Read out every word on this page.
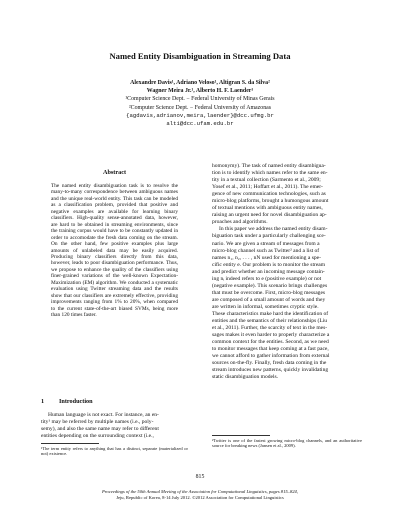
Named Entity Disambiguation in Streaming Data
Alexandre Davis¹, Adriano Veloso¹, Altigran S. da Silva²
Wagner Meira Jr.¹, Alberto H. F. Laender¹
¹Computer Science Dept. − Federal University of Minas Gerais
²Computer Science Dept. − Federal University of Amazonas
{agdavis,adrianov,meira,laender}@dcc.ufmg.br
alti@dcc.ufam.edu.br
Abstract
The named entity disambiguation task is to resolve the many-to-many correspondence between ambiguous names and the unique real-world entity. This task can be modeled as a classification problem, provided that positive and negative examples are available for learning binary classifiers. High-quality sense-annotated data, however, are hard to be obtained in streaming environments, since the training corpus would have to be constantly updated in order to accomodate the fresh data coming on the stream. On the other hand, few positive examples plus large amounts of unlabeled data may be easily acquired. Producing binary classifiers directly from this data, however, leads to poor disambiguation performance. Thus, we propose to enhance the quality of the classifiers using finer-grained variations of the well-known Expectation-Maximization (EM) algorithm. We conducted a systematic evaluation using Twitter streaming data and the results show that our classifiers are extremely effective, providing improvements ranging from 1% to 20%, when compared to the current state-of-the-art biased SVMs, being more than 120 times faster.
1 Introduction
Human language is not exact. For instance, an en-
tity¹ may be referred by multiple names (i.e., poly-
semy), and also the same name may refer to different
entities depending on the surrounding context (i.e.,
¹The term entity refers to anything that has a distinct, separate (materialized or not) existence.
homonymy). The task of named entity disambigua-
tion is to identify which names refer to the same en-
tity in a textual collection (Sarmento et al., 2009;
Yosef et al., 2011; Hoffart et al., 2011). The emer-
gence of new communication technologies, such as
micro-blog platforms, brought a humongous amount
of textual mentions with ambiguous entity names,
raising an urgent need for novel disambiguation ap-
proaches and algorithms.
In this paper we address the named entity disam-
biguation task under a particularly challenging sce-
nario. We are given a stream of messages from a
micro-blog channel such as Twitter² and a list of
names n₁, n₂, . . . , nN used for mentioning a spe-
cific entity e. Our problem is to monitor the stream
and predict whether an incoming message contain-
ing nᵢ indeed refers to e (positive example) or not
(negative example). This scenario brings challenges
that must be overcome. First, micro-blog messages
are composed of a small amount of words and they
are written in informal, sometimes cryptic style.
These characteristics make hard the identification of
entities and the semantics of their relationships (Liu
et al., 2011). Further, the scarcity of text in the mes-
sages makes it even harder to properly characterize a
common context for the entities. Second, as we need
to monitor messages that keep coming at a fast pace,
we cannot afford to gather information from external
sources on-the-fly. Finally, fresh data coming in the
stream introduces new patterns, quickly invalidating
static disambiguation models.
²Twitter is one of the fastest growing micro-blog channels, and an authoritative source for breaking news (Jansen et al., 2009).
815
Proceedings of the 50th Annual Meeting of the Association for Computational Linguistics, pages 815–824,
Jeju, Republic of Korea, 8-14 July 2012. ©2012 Association for Computational Linguistics
